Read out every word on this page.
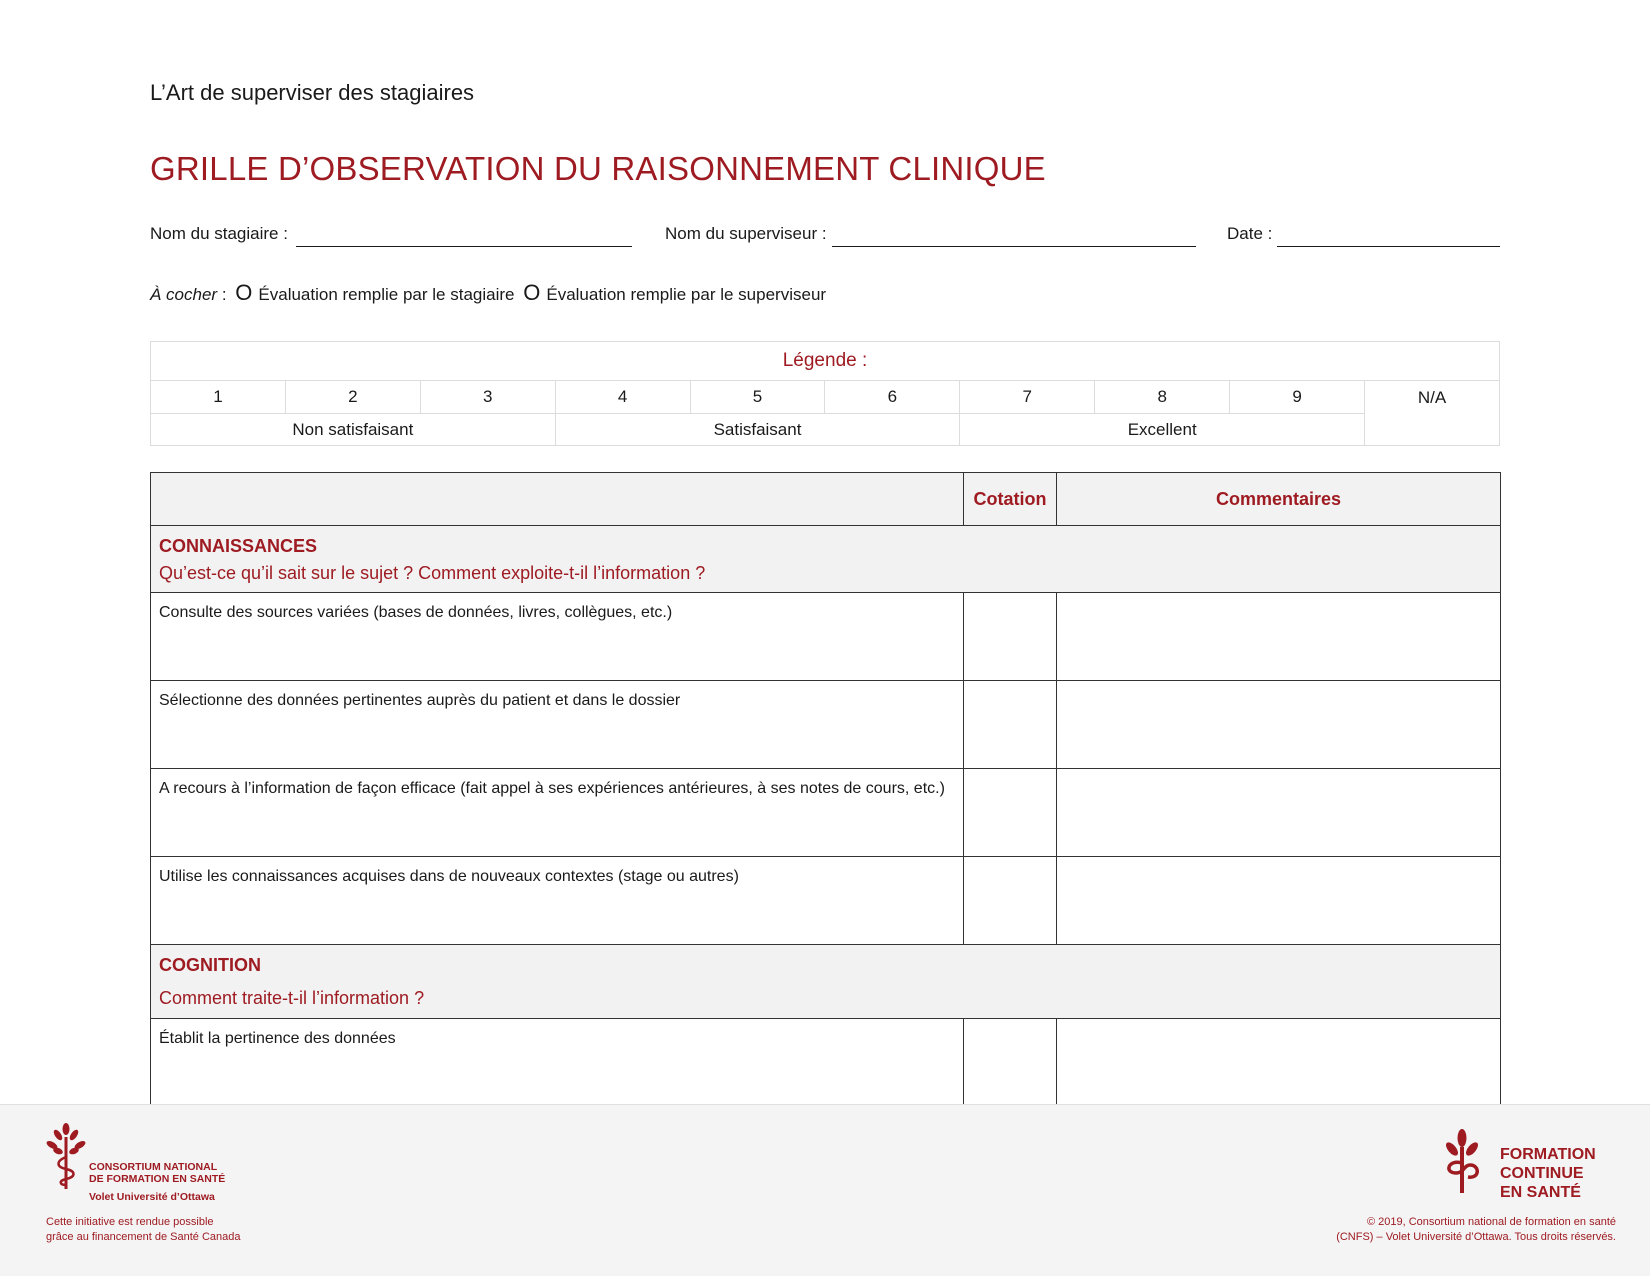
L’Art de superviser des stagiaires
GRILLE D’OBSERVATION DU RAISONNEMENT CLINIQUE
Nom du stagiaire :	Nom du superviseur :	Date :
À cocher : O Évaluation remplie par le stagiaire O Évaluation remplie par le superviseur
Légende :									
1	2	3	4	5	6	7	8	9	N/A
Non satisfaisant			Satisfaisant			Excellent			
	Cotation	Commentaires

CONNAISSANCES
Qu’est-ce qu’il sait sur le sujet ? Comment exploite-t-il l’information ?		

Consulte des sources variées (bases de données, livres, collègues, etc.)		
Sélectionne des données pertinentes auprès du patient et dans le dossier		
A recours à l’information de façon efficace (fait appel à ses expériences antérieures, à ses notes de cours, etc.)		
Utilise les connaissances acquises dans de nouveaux contextes (stage ou autres)		

COGNITION
Comment traite-t-il l’information ?		

Établit la pertinence des données		
CONSORTIUM NATIONAL
DE FORMATION EN SANTÉ
Volet Université d’Ottawa
Cette initiative est rendue possible
grâce au financement de Santé Canada
FORMATION
CONTINUE
EN SANTÉ
© 2019, Consortium national de formation en santé
(CNFS) – Volet Université d’Ottawa. Tous droits réservés.
